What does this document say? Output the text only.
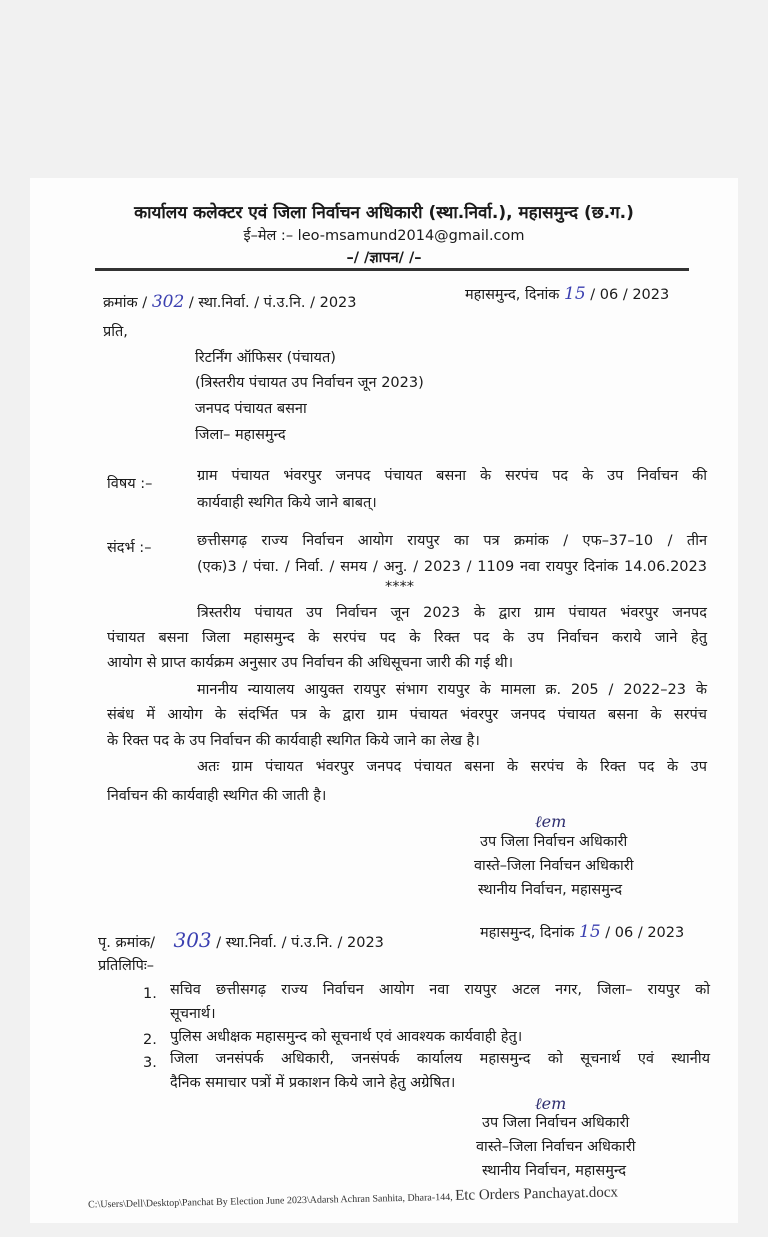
कार्यालय कलेक्टर एवं जिला निर्वाचन अधिकारी (स्था.निर्वा.), महासमुन्द (छ.ग.)
ई–मेल :– leo-msamund2014@gmail.com
–/ /ज्ञापन/ /–
क्रमांक / 302 / स्था.निर्वा. / पं.उ.नि. / 2023	महासमुन्द, दिनांक 15 / 06 / 2023
प्रति,
रिटर्निंग ऑफिसर (पंचायत)
(त्रिस्तरीय पंचायत उप निर्वाचन जून 2023)
जनपद पंचायत बसना
जिला– महासमुन्द
विषय :–	ग्राम पंचायत भंवरपुर जनपद पंचायत बसना के सरपंच पद के उप निर्वाचन की
कार्यवाही स्थगित किये जाने बाबत्।
संदर्भ :–	छत्तीसगढ़ राज्य निर्वाचन आयोग रायपुर का पत्र क्रमांक / एफ–37–10 / तीन
(एक)3 / पंचा. / निर्वा. / समय / अनु. / 2023 / 1109 नवा रायपुर दिनांक 14.06.2023
****
त्रिस्तरीय पंचायत उप निर्वाचन जून 2023 के द्वारा ग्राम पंचायत भंवरपुर जनपद
पंचायत बसना जिला महासमुन्द के सरपंच पद के रिक्त पद के उप निर्वाचन कराये जाने हेतु
आयोग से प्राप्त कार्यक्रम अनुसार उप निर्वाचन की अधिसूचना जारी की गई थी।
माननीय न्यायालय आयुक्त रायपुर संभाग रायपुर के मामला क्र. 205 / 2022–23 के
संबंध में आयोग के संदर्भित पत्र के द्वारा ग्राम पंचायत भंवरपुर जनपद पंचायत बसना के सरपंच
के रिक्त पद के उप निर्वाचन की कार्यवाही स्थगित किये जाने का लेख है।
अतः ग्राम पंचायत भंवरपुर जनपद पंचायत बसना के सरपंच के रिक्त पद के उप
निर्वाचन की कार्यवाही स्थगित की जाती है।
ℓem
उप जिला निर्वाचन अधिकारी
वास्ते–जिला निर्वाचन अधिकारी
स्थानीय निर्वाचन, महासमुन्द
पृ. क्रमांक/ 303 / स्था.निर्वा. / पं.उ.नि. / 2023
महासमुन्द, दिनांक 15 / 06 / 2023
प्रतिलिपिः–
1. सचिव छत्तीसगढ़ राज्य निर्वाचन आयोग नवा रायपुर अटल नगर, जिला– रायपुर को
सूचनार्थ।
2. पुलिस अधीक्षक महासमुन्द को सूचनार्थ एवं आवश्यक कार्यवाही हेतु।
3. जिला जनसंपर्क अधिकारी, जनसंपर्क कार्यालय महासमुन्द को सूचनार्थ एवं स्थानीय
दैनिक समाचार पत्रों में प्रकाशन किये जाने हेतु अग्रेषित।
ℓem
उप जिला निर्वाचन अधिकारी
वास्ते–जिला निर्वाचन अधिकारी
स्थानीय निर्वाचन, महासमुन्द
C:\Users\Dell\Desktop\Panchat By Election June 2023\Adarsh Achran Sanhita, Dhara-144, Etc Orders Panchayat.docx
